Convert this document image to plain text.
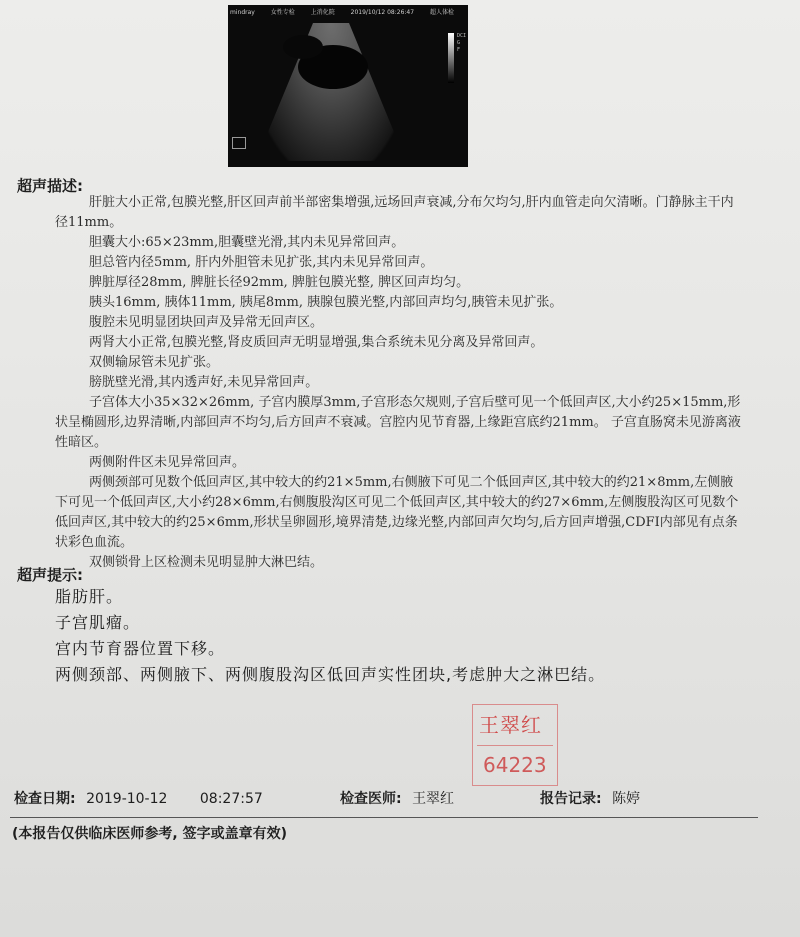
mindray	女性专检	上消化院	2019/10/12 08:26:47	超人体检
DCI
G
F
超声描述:

肝脏大小正常,包膜光整,肝区回声前半部密集增强,远场回声衰减,分布欠均匀,肝内血管走向欠清晰。门静脉主干内径11mm。

胆囊大小:65×23mm,胆囊壁光滑,其内未见异常回声。

胆总管内径5mm, 肝内外胆管未见扩张,其内未见异常回声。

脾脏厚径28mm, 脾脏长径92mm, 脾脏包膜光整, 脾区回声均匀。

胰头16mm, 胰体11mm, 胰尾8mm, 胰腺包膜光整,内部回声均匀,胰管未见扩张。

腹腔未见明显团块回声及异常无回声区。

两肾大小正常,包膜光整,肾皮质回声无明显增强,集合系统未见分离及异常回声。

双侧输尿管未见扩张。

膀胱壁光滑,其内透声好,未见异常回声。

子宫体大小35×32×26mm, 子宫内膜厚3mm,子宫形态欠规则,子宫后壁可见一个低回声区,大小约25×15mm,形状呈椭圆形,边界清晰,内部回声不均匀,后方回声不衰减。宫腔内见节育器,上缘距宫底约21mm。 子宫直肠窝未见游离液性暗区。

两侧附件区未见异常回声。

两侧颈部可见数个低回声区,其中较大的约21×5mm,右侧腋下可见二个低回声区,其中较大的约21×8mm,左侧腋下可见一个低回声区,大小约28×6mm,右侧腹股沟区可见二个低回声区,其中较大的约27×6mm,左侧腹股沟区可见数个低回声区,其中较大的约25×6mm,形状呈卵圆形,境界清楚,边缘光整,内部回声欠均匀,后方回声增强,CDFI内部见有点条状彩色血流。

双侧锁骨上区检测未见明显肿大淋巴结。

超声提示:

脂肪肝。

子宫肌瘤。

宫内节育器位置下移。

两侧颈部、两侧腋下、两侧腹股沟区低回声实性团块,考虑肿大之淋巴结。

王翠红
64223
检查日期: 2019-10-12 08:27:57	检查医师: 王翠红	报告记录: 陈婷
(本报告仅供临床医师参考, 签字或盖章有效)
